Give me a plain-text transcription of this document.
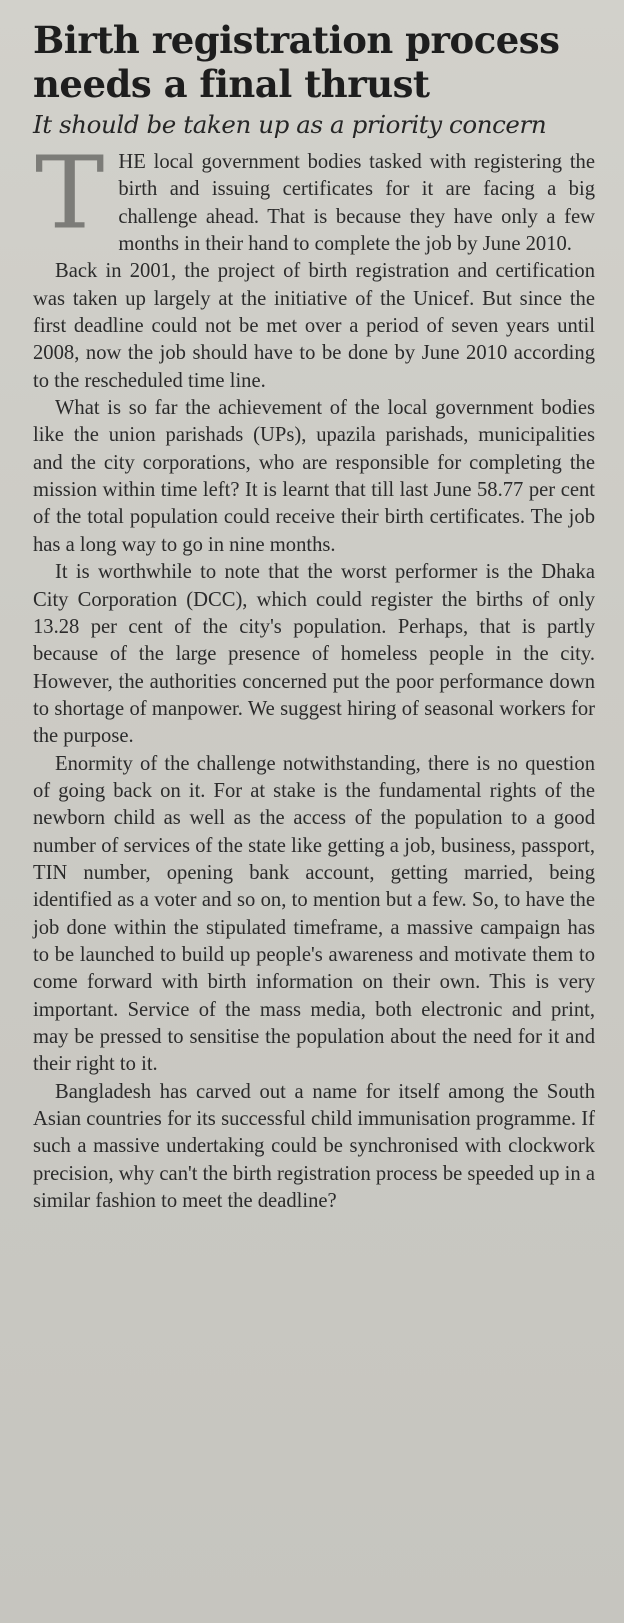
Birth registration process needs a final thrust
It should be taken up as a priority concern

THE local government bodies tasked with registering the birth and issuing certificates for it are facing a big challenge ahead. That is because they have only a few months in their hand to complete the job by June 2010.

Back in 2001, the project of birth registration and certification was taken up largely at the initiative of the Unicef. But since the first deadline could not be met over a period of seven years until 2008, now the job should have to be done by June 2010 according to the rescheduled time line.

What is so far the achievement of the local government bodies like the union parishads (UPs), upazila parishads, municipalities and the city corporations, who are responsible for completing the mission within time left? It is learnt that till last June 58.77 per cent of the total population could receive their birth certificates. The job has a long way to go in nine months.

It is worthwhile to note that the worst performer is the Dhaka City Corporation (DCC), which could register the births of only 13.28 per cent of the city's population. Perhaps, that is partly because of the large presence of homeless people in the city. However, the authorities concerned put the poor performance down to shortage of manpower. We suggest hiring of seasonal workers for the purpose.

Enormity of the challenge notwithstanding, there is no question of going back on it. For at stake is the fundamental rights of the newborn child as well as the access of the population to a good number of services of the state like getting a job, business, passport, TIN number, opening bank account, getting married, being identified as a voter and so on, to mention but a few. So, to have the job done within the stipulated timeframe, a massive campaign has to be launched to build up people's awareness and motivate them to come forward with birth information on their own. This is very important. Service of the mass media, both electronic and print, may be pressed to sensitise the population about the need for it and their right to it.

Bangladesh has carved out a name for itself among the South Asian countries for its successful child immunisation programme. If such a massive undertaking could be synchronised with clockwork precision, why can't the birth registration process be speeded up in a similar fashion to meet the deadline?
